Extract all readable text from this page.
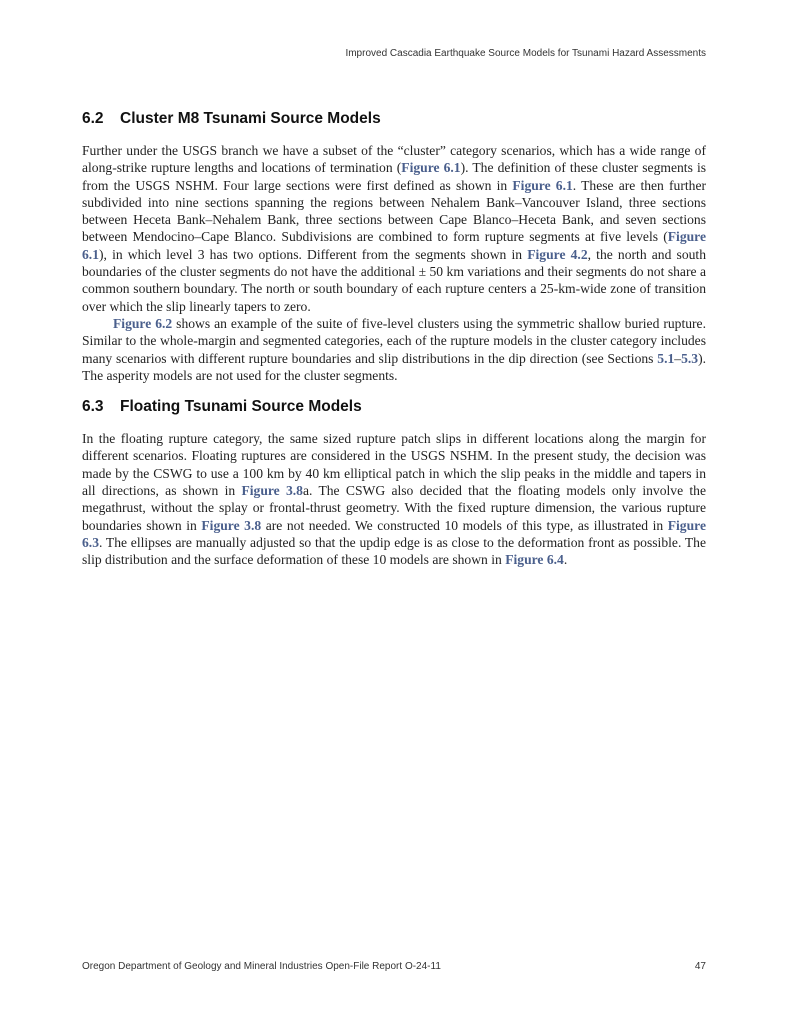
Improved Cascadia Earthquake Source Models for Tsunami Hazard Assessments
6.2 Cluster M8 Tsunami Source Models

Further under the USGS branch we have a subset of the “cluster” category scenarios, which has a wide range of along-strike rupture lengths and locations of termination (Figure 6.1). The definition of these cluster segments is from the USGS NSHM. Four large sections were first defined as shown in Figure 6.1. These are then further subdivided into nine sections spanning the regions between Nehalem Bank–Vancouver Island, three sections between Heceta Bank–Nehalem Bank, three sections between Cape Blanco–Heceta Bank, and seven sections between Mendocino–Cape Blanco. Subdivisions are combined to form rupture segments at five levels (Figure 6.1), in which level 3 has two options. Different from the segments shown in Figure 4.2, the north and south boundaries of the cluster segments do not have the additional ± 50 km variations and their segments do not share a common southern boundary. The north or south boundary of each rupture centers a 25-km-wide zone of transition over which the slip linearly tapers to zero.

Figure 6.2 shows an example of the suite of five-level clusters using the symmetric shallow buried rupture. Similar to the whole-margin and segmented categories, each of the rupture models in the cluster category includes many scenarios with different rupture boundaries and slip distributions in the dip direction (see Sections 5.1–5.3). The asperity models are not used for the cluster segments.

6.3 Floating Tsunami Source Models

In the floating rupture category, the same sized rupture patch slips in different locations along the margin for different scenarios. Floating ruptures are considered in the USGS NSHM. In the present study, the decision was made by the CSWG to use a 100 km by 40 km elliptical patch in which the slip peaks in the middle and tapers in all directions, as shown in Figure 3.8a. The CSWG also decided that the floating models only involve the megathrust, without the splay or frontal-thrust geometry. With the fixed rupture dimension, the various rupture boundaries shown in Figure 3.8 are not needed. We constructed 10 models of this type, as illustrated in Figure 6.3. The ellipses are manually adjusted so that the updip edge is as close to the deformation front as possible. The slip distribution and the surface deformation of these 10 models are shown in Figure 6.4.

Oregon Department of Geology and Mineral Industries Open-File Report O-24-11	47
